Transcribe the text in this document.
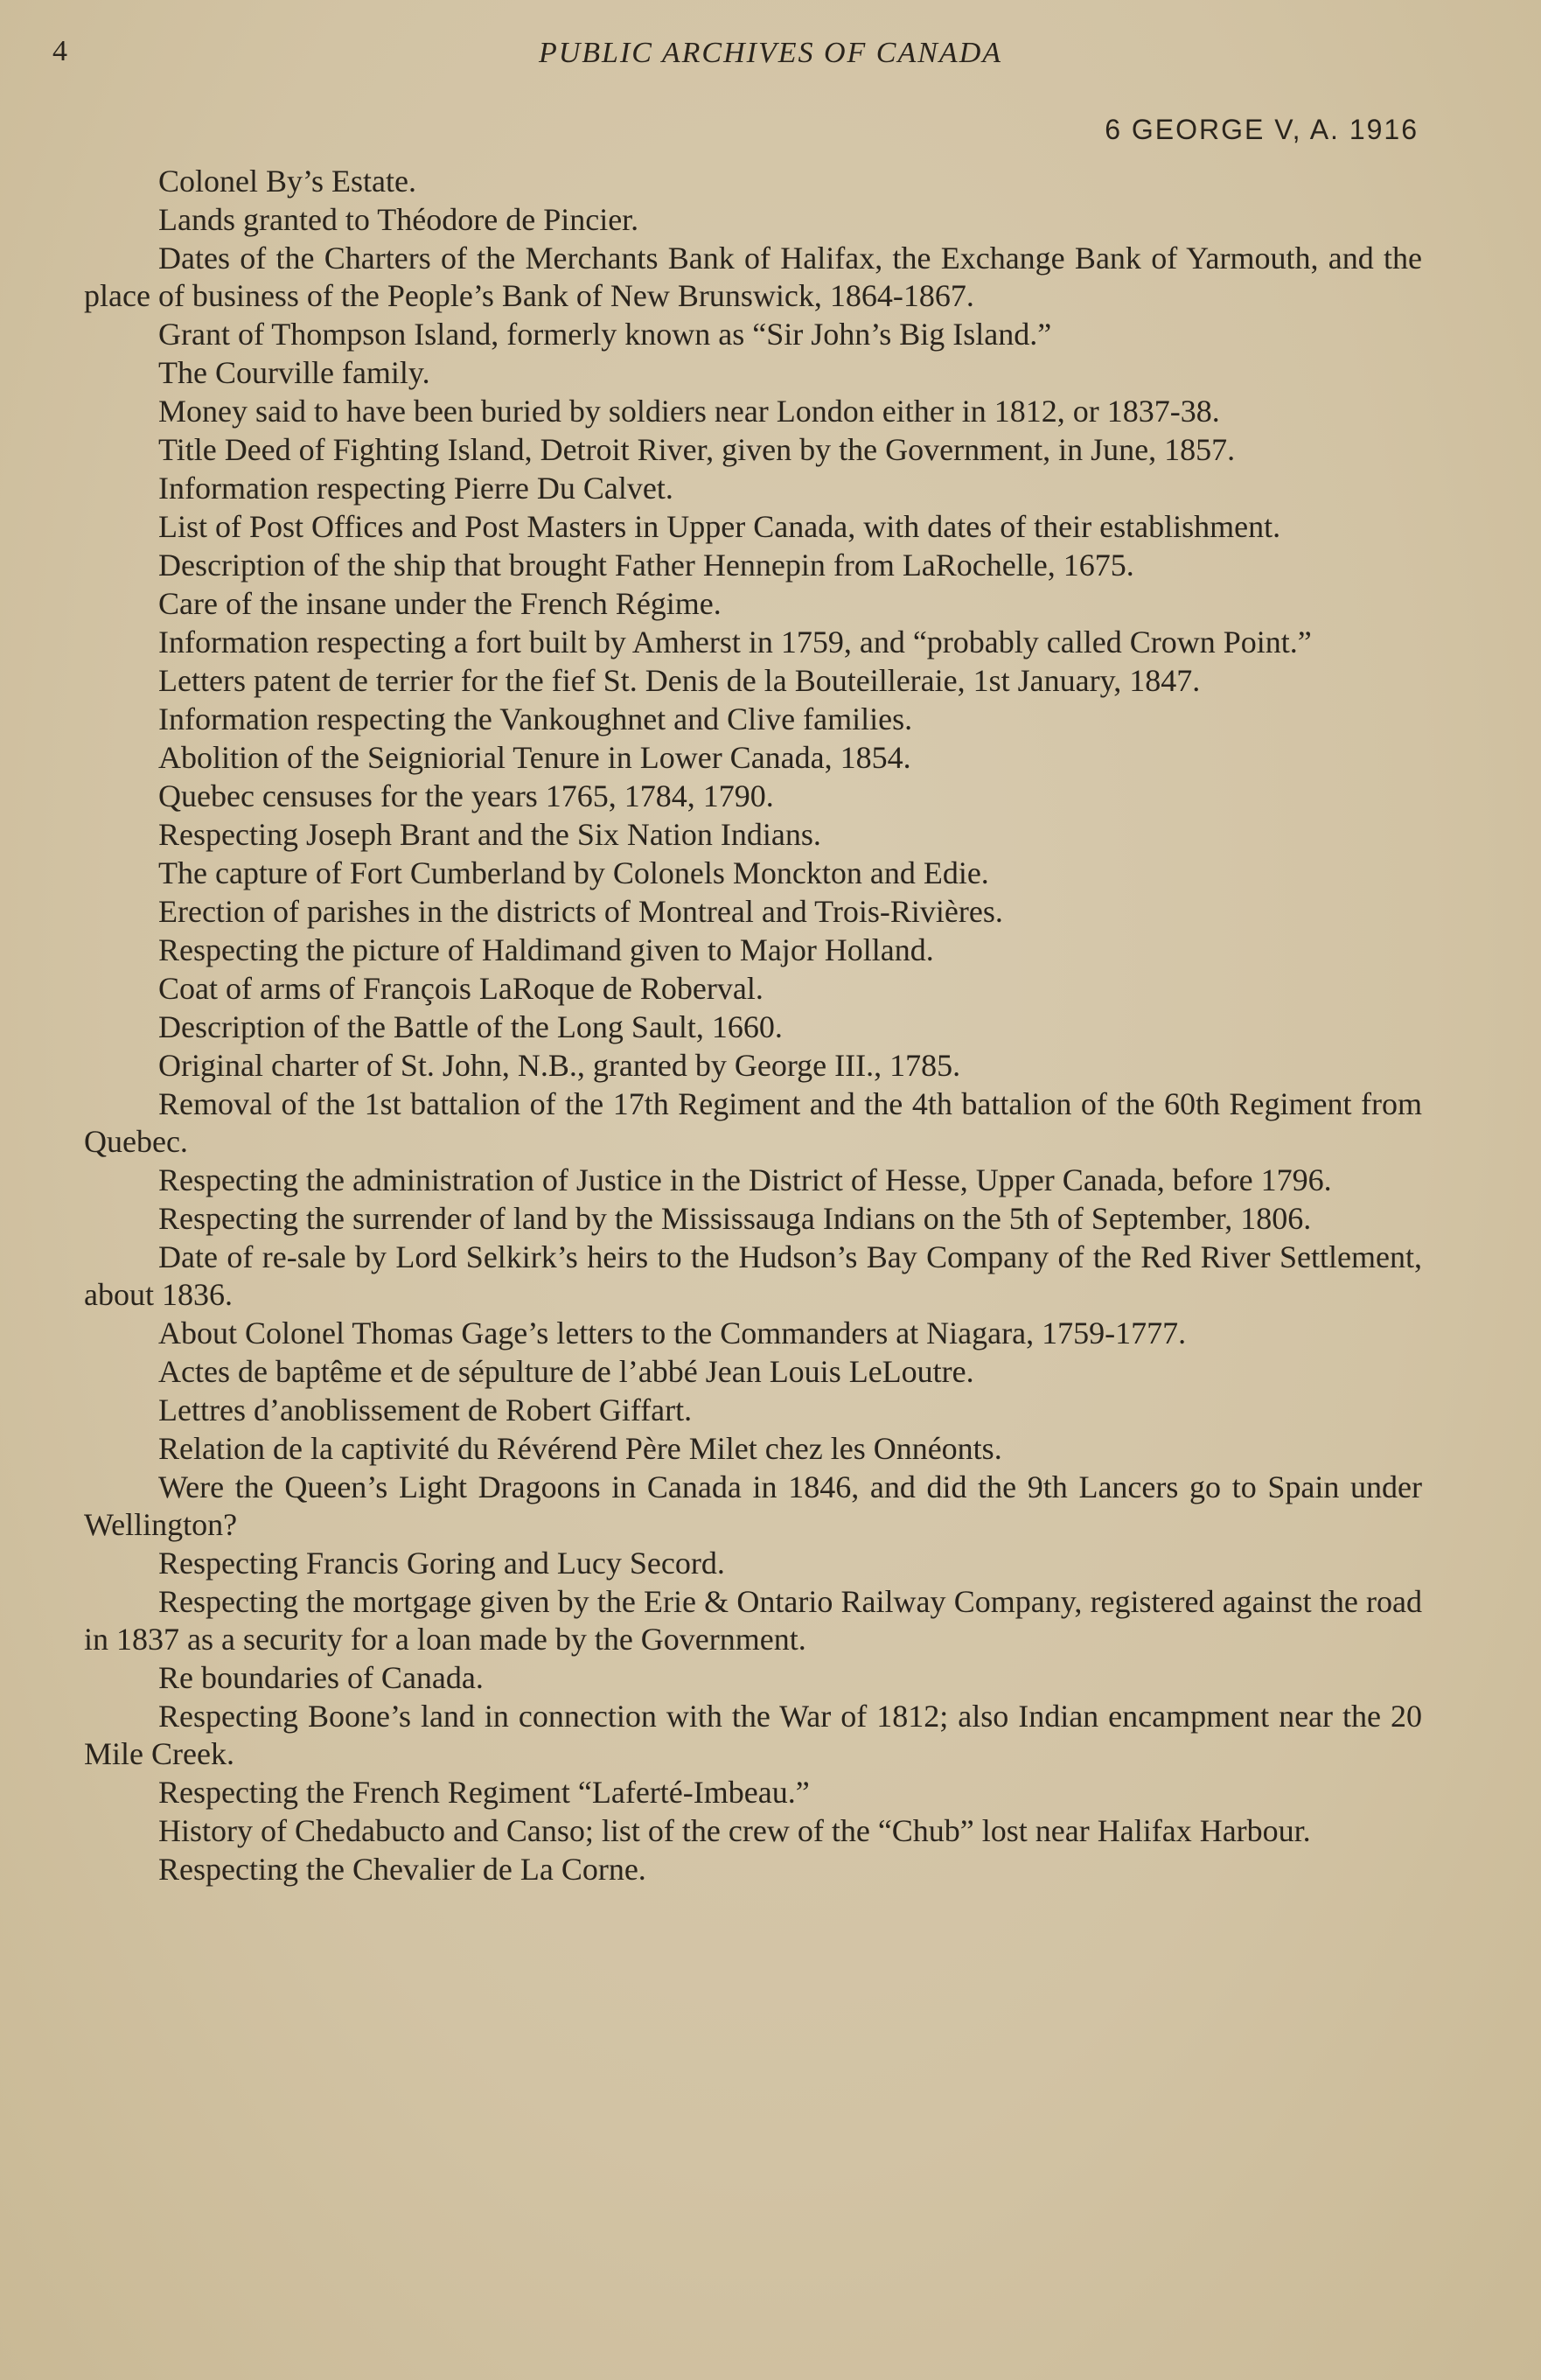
4	PUBLIC ARCHIVES OF CANADA
6 GEORGE V, A. 1916

Colonel By’s Estate.

Lands granted to Théodore de Pincier.

Dates of the Charters of the Merchants Bank of Halifax, the Exchange Bank of Yarmouth, and the place of business of the People’s Bank of New Brunswick, 1864-1867.

Grant of Thompson Island, formerly known as “Sir John’s Big Island.”

The Courville family.

Money said to have been buried by soldiers near London either in 1812, or 1837-38.

Title Deed of Fighting Island, Detroit River, given by the Government, in June, 1857.

Information respecting Pierre Du Calvet.

List of Post Offices and Post Masters in Upper Canada, with dates of their establishment.

Description of the ship that brought Father Hennepin from LaRochelle, 1675.

Care of the insane under the French Régime.

Information respecting a fort built by Amherst in 1759, and “probably called Crown Point.”

Letters patent de terrier for the fief St. Denis de la Bouteilleraie, 1st January, 1847.

Information respecting the Vankoughnet and Clive families.

Abolition of the Seigniorial Tenure in Lower Canada, 1854.

Quebec censuses for the years 1765, 1784, 1790.

Respecting Joseph Brant and the Six Nation Indians.

The capture of Fort Cumberland by Colonels Monckton and Edie.

Erection of parishes in the districts of Montreal and Trois-Rivières.

Respecting the picture of Haldimand given to Major Holland.

Coat of arms of François LaRoque de Roberval.

Description of the Battle of the Long Sault, 1660.

Original charter of St. John, N.B., granted by George III., 1785.

Removal of the 1st battalion of the 17th Regiment and the 4th battalion of the 60th Regiment from Quebec.

Respecting the administration of Justice in the District of Hesse, Upper Canada, before 1796.

Respecting the surrender of land by the Mississauga Indians on the 5th of September, 1806.

Date of re-sale by Lord Selkirk’s heirs to the Hudson’s Bay Company of the Red River Settlement, about 1836.

About Colonel Thomas Gage’s letters to the Commanders at Niagara, 1759-1777.

Actes de baptême et de sépulture de l’abbé Jean Louis LeLoutre.

Lettres d’anoblissement de Robert Giffart.

Relation de la captivité du Révérend Père Milet chez les Onnéonts.

Were the Queen’s Light Dragoons in Canada in 1846, and did the 9th Lancers go to Spain under Wellington?

Respecting Francis Goring and Lucy Secord.

Respecting the mortgage given by the Erie & Ontario Railway Company, registered against the road in 1837 as a security for a loan made by the Government.

Re boundaries of Canada.

Respecting Boone’s land in connection with the War of 1812; also Indian encampment near the 20 Mile Creek.

Respecting the French Regiment “Laferté-Imbeau.”

History of Chedabucto and Canso; list of the crew of the “Chub” lost near Halifax Harbour.

Respecting the Chevalier de La Corne.
